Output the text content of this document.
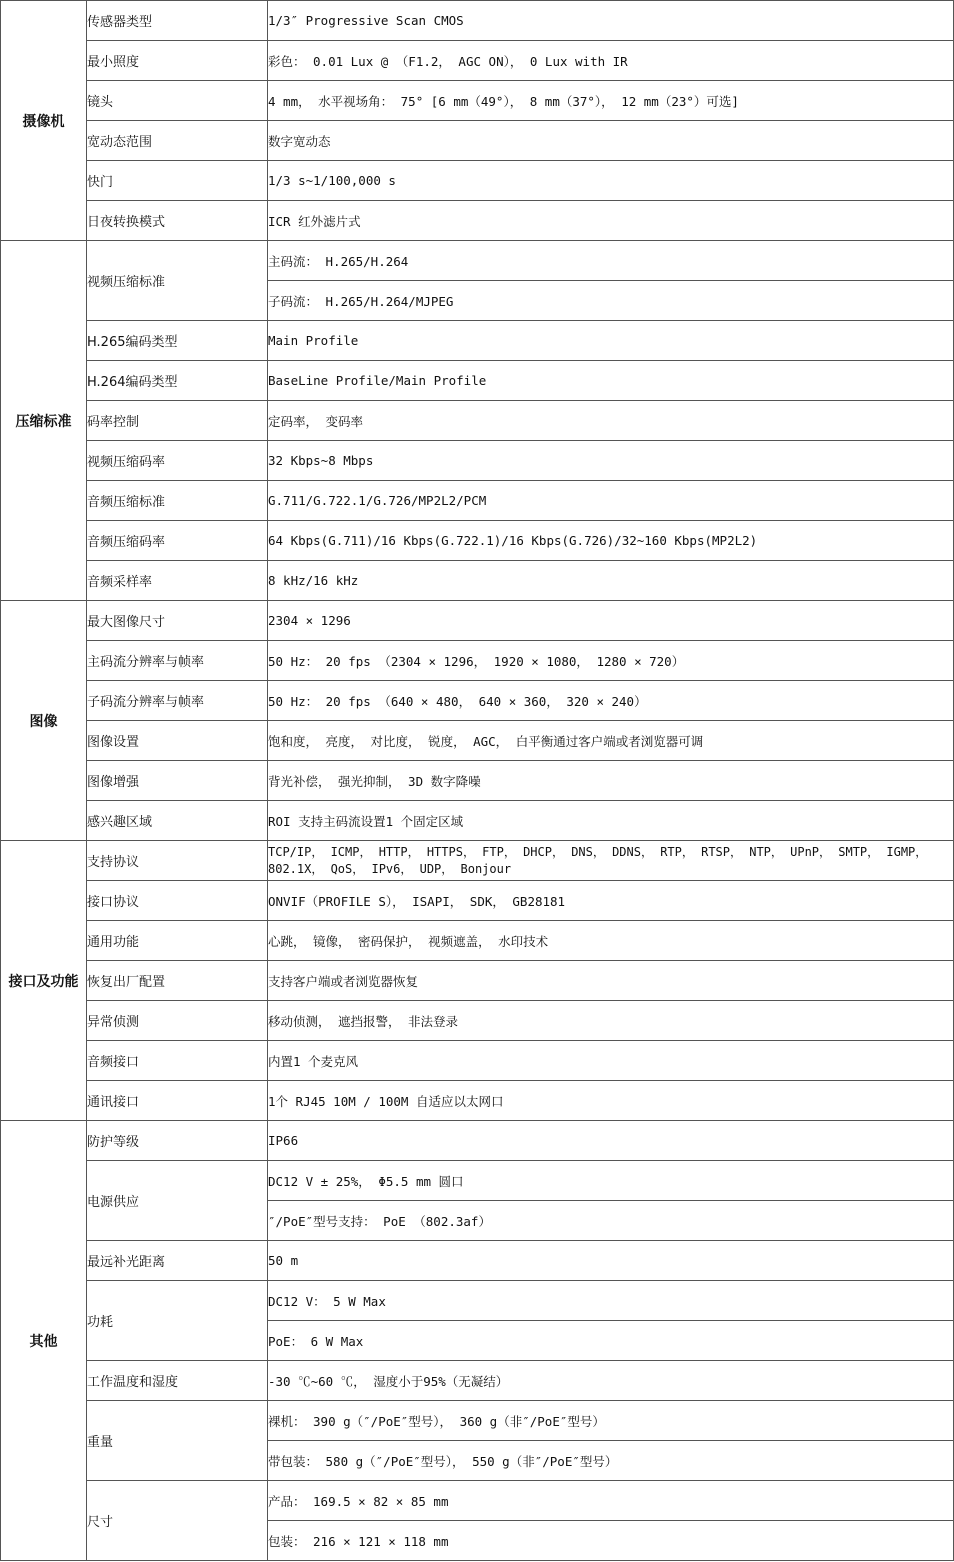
摄像机	传感器类型	1/3″ Progressive Scan CMOS
	最小照度	彩色： 0.01 Lux @ （F1.2， AGC ON）， 0 Lux with IR
	镜头	4 mm， 水平视场角： 75° [6 mm（49°）， 8 mm（37°）， 12 mm（23°）可选]
	宽动态范围	数字宽动态
	快门	1/3 s~1/100,000 s
	日夜转换模式	ICR 红外滤片式
压缩标准	视频压缩标准	主码流： H.265/H.264
		子码流： H.265/H.264/MJPEG
	H.265编码类型	Main Profile
	H.264编码类型	BaseLine Profile/Main Profile
	码率控制	定码率， 变码率
	视频压缩码率	32 Kbps~8 Mbps
	音频压缩标准	G.711/G.722.1/G.726/MP2L2/PCM
	音频压缩码率	64 Kbps(G.711)/16 Kbps(G.722.1)/16 Kbps(G.726)/32~160 Kbps(MP2L2)
	音频采样率	8 kHz/16 kHz
图像	最大图像尺寸	2304 × 1296
	主码流分辨率与帧率	50 Hz： 20 fps （2304 × 1296， 1920 × 1080， 1280 × 720）
	子码流分辨率与帧率	50 Hz： 20 fps （640 × 480， 640 × 360， 320 × 240）
	图像设置	饱和度， 亮度， 对比度， 锐度， AGC， 白平衡通过客户端或者浏览器可调
	图像增强	背光补偿， 强光抑制， 3D 数字降噪
	感兴趣区域	ROI 支持主码流设置1 个固定区域
接口及功能	支持协议	TCP/IP， ICMP， HTTP， HTTPS， FTP， DHCP， DNS， DDNS， RTP， RTSP， NTP， UPnP， SMTP， IGMP， 802.1X， QoS， IPv6， UDP， Bonjour
	接口协议	ONVIF（PROFILE S）， ISAPI， SDK， GB28181
	通用功能	心跳， 镜像， 密码保护， 视频遮盖， 水印技术
	恢复出厂配置	支持客户端或者浏览器恢复
	异常侦测	移动侦测， 遮挡报警， 非法登录
	音频接口	内置1 个麦克风
	通讯接口	1个 RJ45 10M / 100M 自适应以太网口
其他	防护等级	IP66
	电源供应	DC12 V ± 25%， Φ5.5 mm 圆口
		″/PoE″型号支持： PoE （802.3af）
	最远补光距离	50 m
	功耗	DC12 V： 5 W Max
		PoE： 6 W Max
	工作温度和湿度	-30 ℃~60 ℃， 湿度小于95%（无凝结）
	重量	裸机： 390 g（″/PoE″型号）， 360 g（非″/PoE″型号）
		带包装： 580 g（″/PoE″型号）， 550 g（非″/PoE″型号）
	尺寸	产品： 169.5 × 82 × 85 mm
		包装： 216 × 121 × 118 mm
